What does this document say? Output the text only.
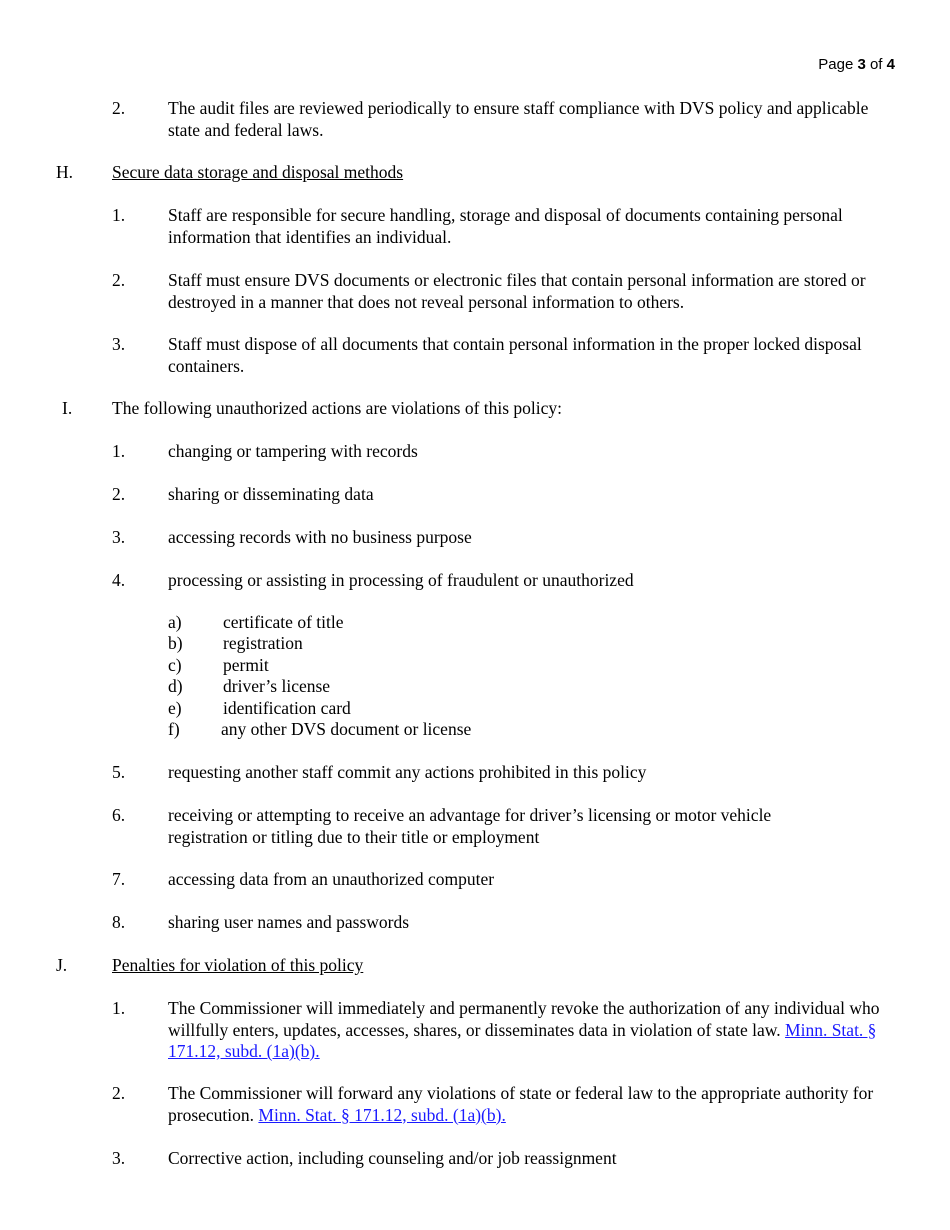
Page 3 of 4
2. The audit files are reviewed periodically to ensure staff compliance with DVS policy and applicable state and federal laws.
H. Secure data storage and disposal methods
1. Staff are responsible for secure handling, storage and disposal of documents containing personal information that identifies an individual.
2. Staff must ensure DVS documents or electronic files that contain personal information are stored or destroyed in a manner that does not reveal personal information to others.
3. Staff must dispose of all documents that contain personal information in the proper locked disposal containers.
I. The following unauthorized actions are violations of this policy:
1. changing or tampering with records
2. sharing or disseminating data
3. accessing records with no business purpose
4. processing or assisting in processing of fraudulent or unauthorized
a) certificate of title
b) registration
c) permit
d) driver’s license
e) identification card
f) any other DVS document or license
5. requesting another staff commit any actions prohibited in this policy
6. receiving or attempting to receive an advantage for driver’s licensing or motor vehicle registration or titling due to their title or employment
7. accessing data from an unauthorized computer
8. sharing user names and passwords
J.	Penalties for violation of this policy
1. The Commissioner will immediately and permanently revoke the authorization of any individual who willfully enters, updates, accesses, shares, or disseminates data in violation of state law. Minn. Stat. § 171.12, subd. (1a)(b).
2. The Commissioner will forward any violations of state or federal law to the appropriate authority for prosecution. Minn. Stat. § 171.12, subd. (1a)(b).
3. Corrective action, including counseling and/or job reassignment
